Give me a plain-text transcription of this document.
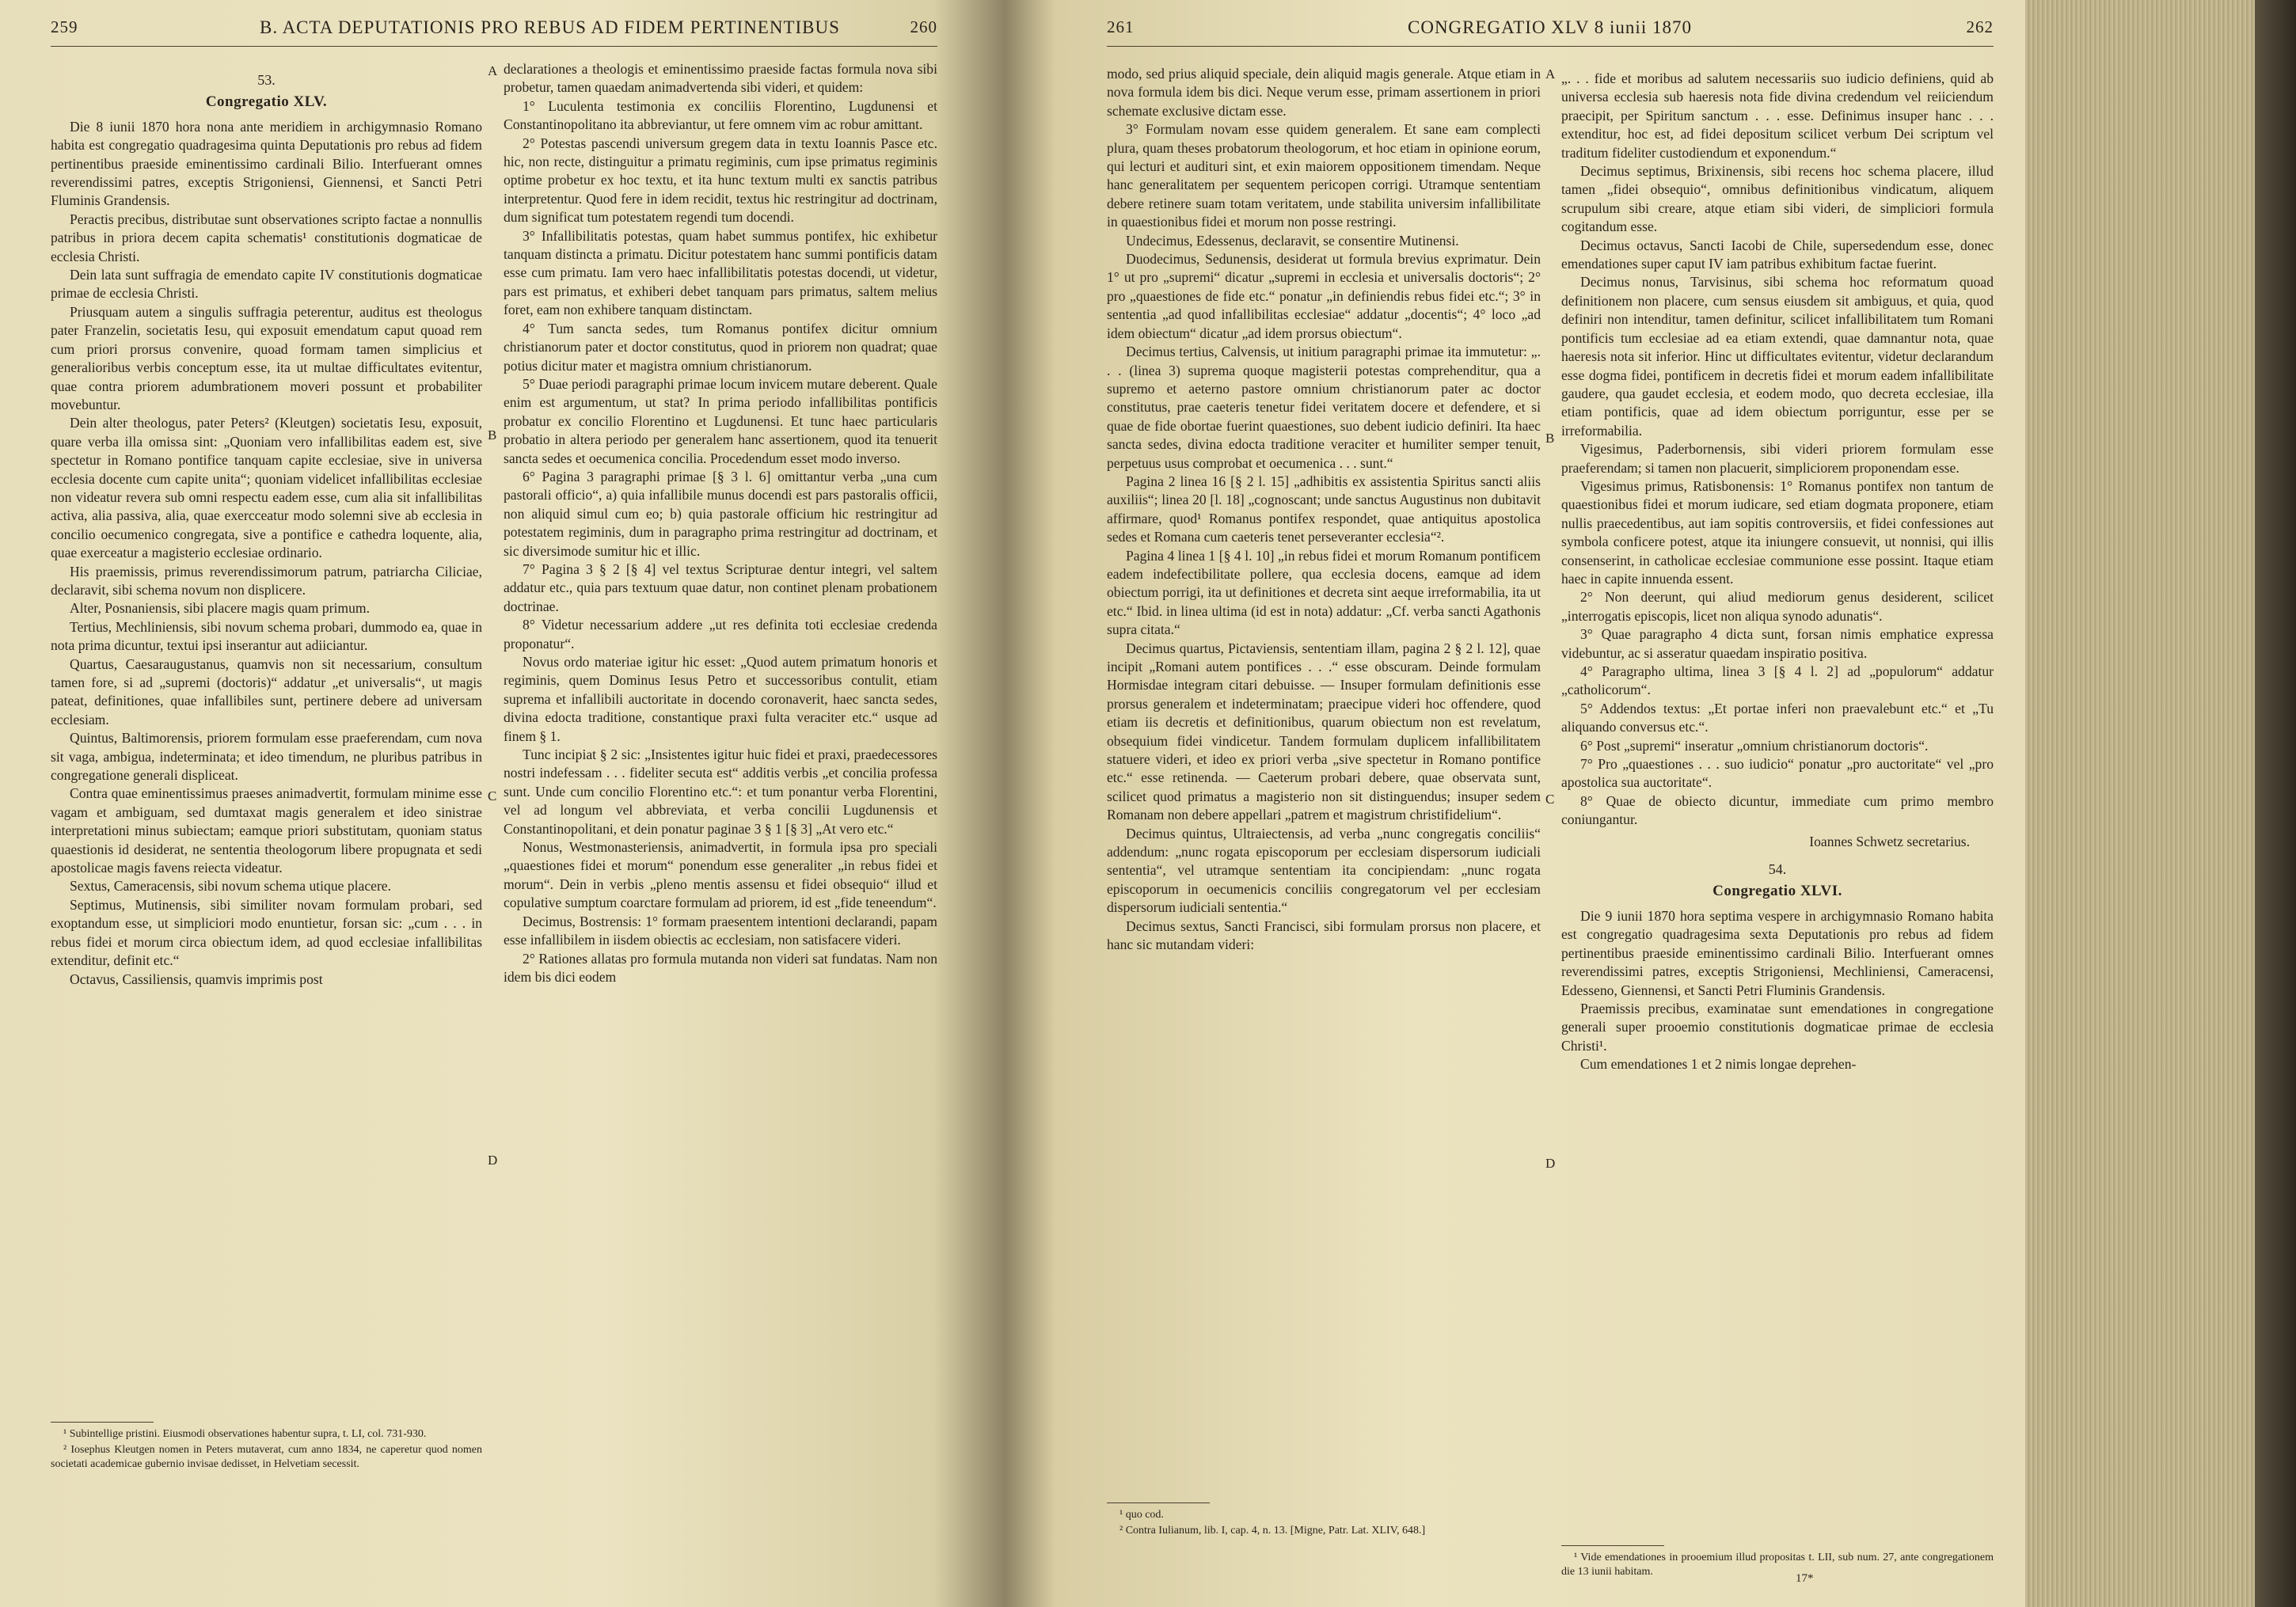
259	B. ACTA DEPUTATIONIS PRO REBUS AD FIDEM PERTINENTIBUS	260
53.
Congregatio XLV.

Die 8 iunii 1870 hora nona ante meridiem in archigymnasio Romano habita est congregatio quadragesima quinta Deputationis pro rebus ad fidem pertinentibus praeside eminentissimo cardinali Bilio. Interfuerant omnes reverendissimi patres, exceptis Strigoniensi, Giennensi, et Sancti Petri Fluminis Grandensis.

Peractis precibus, distributae sunt observationes scripto factae a nonnullis patribus in priora decem capita schematis¹ constitutionis dogmaticae de ecclesia Christi.

Dein lata sunt suffragia de emendato capite IV constitutionis dogmaticae primae de ecclesia Christi.

Priusquam autem a singulis suffragia peterentur, auditus est theologus pater Franzelin, societatis Iesu, qui exposuit emendatum caput quoad rem cum priori prorsus convenire, quoad formam tamen simplicius et generalioribus verbis conceptum esse, ita ut multae difficultates evitentur, quae contra priorem adumbrationem moveri possunt et probabiliter movebuntur.

Dein alter theologus, pater Peters² (Kleutgen) societatis Iesu, exposuit, quare verba illa omissa sint: „Quoniam vero infallibilitas eadem est, sive spectetur in Romano pontifice tanquam capite ecclesiae, sive in universa ecclesia docente cum capite unita“; quoniam videlicet infallibilitas ecclesiae non videatur revera sub omni respectu eadem esse, cum alia sit infallibilitas activa, alia passiva, alia, quae exercceatur modo solemni sive ab ecclesia in concilio oecumenico congregata, sive a pontifice e cathedra loquente, alia, quae exerceatur a magisterio ecclesiae ordinario.

His praemissis, primus reverendissimorum patrum, patriarcha Ciliciae, declaravit, sibi schema novum non displicere.

Alter, Posnaniensis, sibi placere magis quam primum.

Tertius, Mechliniensis, sibi novum schema probari, dummodo ea, quae in nota prima dicuntur, textui ipsi inserantur aut adiiciantur.

Quartus, Caesaraugustanus, quamvis non sit necessarium, consultum tamen fore, si ad „supremi (doctoris)“ addatur „et universalis“, ut magis pateat, definitiones, quae infallibiles sunt, pertinere debere ad universam ecclesiam.

Quintus, Baltimorensis, priorem formulam esse praeferendam, cum nova sit vaga, ambigua, indeterminata; et ideo timendum, ne pluribus patribus in congregatione generali displiceat.

Contra quae eminentissimus praeses animadvertit, formulam minime esse vagam et ambiguam, sed dumtaxat magis generalem et ideo sinistrae interpretationi minus subiectam; eamque priori substitutam, quoniam status quaestionis id desiderat, ne sententia theologorum libere propugnata et sedi apostolicae magis favens reiecta videatur.

Sextus, Cameracensis, sibi novum schema utique placere.

Septimus, Mutinensis, sibi similiter novam formulam probari, sed exoptandum esse, ut simpliciori modo enuntietur, forsan sic: „cum . . . in rebus fidei et morum circa obiectum idem, ad quod ecclesiae infallibilitas extenditur, definit etc.“

Octavus, Cassiliensis, quamvis imprimis post

¹ Subintellige pristini. Eiusmodi observationes habentur supra, t. LI, col. 731-930.

² Iosephus Kleutgen nomen in Peters mutaverat, cum anno 1834, ne caperetur quod nomen societati academicae gubernio invisae dedisset, in Helvetiam secessit.

declarationes a theologis et eminentissimo praeside factas formula nova sibi probetur, tamen quaedam animadvertenda sibi videri, et quidem:

1° Luculenta testimonia ex conciliis Florentino, Lugdunensi et Constantinopolitano ita abbreviantur, ut fere omnem vim ac robur amittant.

2° Potestas pascendi universum gregem data in textu Ioannis Pasce etc. hic, non recte, distinguitur a primatu regiminis, cum ipse primatus regiminis optime probetur ex hoc textu, et ita hunc textum multi ex sanctis patribus interpretentur. Quod fere in idem recidit, textus hic restringitur ad doctrinam, dum significat tum potestatem regendi tum docendi.

3° Infallibilitatis potestas, quam habet summus pontifex, hic exhibetur tanquam distincta a primatu. Dicitur potestatem hanc summi pontificis datam esse cum primatu. Iam vero haec infallibilitatis potestas docendi, ut videtur, pars est primatus, et exhiberi debet tanquam pars primatus, saltem melius foret, eam non exhibere tanquam distinctam.

4° Tum sancta sedes, tum Romanus pontifex dicitur omnium christianorum pater et doctor constitutus, quod in priorem non quadrat; quae potius dicitur mater et magistra omnium christianorum.

5° Duae periodi paragraphi primae locum invicem mutare deberent. Quale enim est argumentum, ut stat? In prima periodo infallibilitas pontificis probatur ex concilio Florentino et Lugdunensi. Et tunc haec particularis probatio in altera periodo per generalem hanc assertionem, quod ita tenuerit sancta sedes et oecumenica concilia. Procedendum esset modo inverso.

6° Pagina 3 paragraphi primae [§ 3 l. 6] omittantur verba „una cum pastorali officio“, a) quia infallibile munus docendi est pars pastoralis officii, non aliquid simul cum eo; b) quia pastorale officium hic restringitur ad potestatem regiminis, dum in paragrapho prima restringitur ad doctrinam, et sic diversimode sumitur hic et illic.

7° Pagina 3 § 2 [§ 4] vel textus Scripturae dentur integri, vel saltem addatur etc., quia pars textuum quae datur, non continet plenam probationem doctrinae.

8° Videtur necessarium addere „ut res definita toti ecclesiae credenda proponatur“.

Novus ordo materiae igitur hic esset: „Quod autem primatum honoris et regiminis, quem Dominus Iesus Petro et successoribus contulit, etiam suprema et infallibili auctoritate in docendo coronaverit, haec sancta sedes, divina edocta traditione, constantique praxi fulta veraciter etc.“ usque ad finem § 1.

Tunc incipiat § 2 sic: „Insistentes igitur huic fidei et praxi, praedecessores nostri indefessam . . . fideliter secuta est“ additis verbis „et concilia professa sunt. Unde cum concilio Florentino etc.“: et tum ponantur verba Florentini, vel ad longum vel abbreviata, et verba concilii Lugdunensis et Constantinopolitani, et dein ponatur paginae 3 § 1 [§ 3] „At vero etc.“

Nonus, Westmonasteriensis, animadvertit, in formula ipsa pro speciali „quaestiones fidei et morum“ ponendum esse generaliter „in rebus fidei et morum“. Dein in verbis „pleno mentis assensu et fidei obsequio“ illud et copulative sumptum coarctare formulam ad priorem, id est „fide teneendum“.

Decimus, Bostrensis: 1° formam praesentem intentioni declarandi, papam esse infallibilem in iisdem obiectis ac ecclesiam, non satisfacere videri.

2° Rationes allatas pro formula mutanda non videri sat fundatas. Nam non idem bis dici eodem

A
B
C
D
261	CONGREGATIO XLV 8 iunii 1870	262

modo, sed prius aliquid speciale, dein aliquid magis generale. Atque etiam in nova formula idem bis dici. Neque verum esse, primam assertionem in priori schemate exclusive dictam esse.

3° Formulam novam esse quidem generalem. Et sane eam complecti plura, quam theses probatorum theologorum, et hoc etiam in opinione eorum, qui lecturi et audituri sint, et exin maiorem oppositionem timendam. Neque hanc generalitatem per sequentem pericopen corrigi. Utramque sententiam debere retinere suam totam veritatem, unde stabilita universim infallibilitate in quaestionibus fidei et morum non posse restringi.

Undecimus, Edessenus, declaravit, se consentire Mutinensi.

Duodecimus, Sedunensis, desiderat ut formula brevius exprimatur. Dein 1° ut pro „supremi“ dicatur „supremi in ecclesia et universalis doctoris“; 2° pro „quaestiones de fide etc.“ ponatur „in definiendis rebus fidei etc.“; 3° in sententia „ad quod infallibilitas ecclesiae“ addatur „docentis“; 4° loco „ad idem obiectum“ dicatur „ad idem prorsus obiectum“.

Decimus tertius, Calvensis, ut initium paragraphi primae ita immutetur: „. . . (linea 3) suprema quoque magisterii potestas comprehenditur, qua a supremo et aeterno pastore omnium christianorum pater ac doctor constitutus, prae caeteris tenetur fidei veritatem docere et defendere, et si quae de fide obortae fuerint quaestiones, suo debent iudicio definiri. Ita haec sancta sedes, divina edocta traditione veraciter et humiliter semper tenuit, perpetuus usus comprobat et oecumenica . . . sunt.“

Pagina 2 linea 16 [§ 2 l. 15] „adhibitis ex assistentia Spiritus sancti aliis auxiliis“; linea 20 [l. 18] „cognoscant; unde sanctus Augustinus non dubitavit affirmare, quod¹ Romanus pontifex respondet, quae antiquitus apostolica sedes et Romana cum caeteris tenet perseveranter ecclesia“².

Pagina 4 linea 1 [§ 4 l. 10] „in rebus fidei et morum Romanum pontificem eadem indefectibilitate pollere, qua ecclesia docens, eamque ad idem obiectum porrigi, ita ut definitiones et decreta sint aeque irreformabilia, ita ut etc.“ Ibid. in linea ultima (id est in nota) addatur: „Cf. verba sancti Agathonis supra citata.“

Decimus quartus, Pictaviensis, sententiam illam, pagina 2 § 2 l. 12], quae incipit „Romani autem pontifices . . .“ esse obscuram. Deinde formulam Hormisdae integram citari debuisse. — Insuper formulam definitionis esse prorsus generalem et indeterminatam; praecipue videri hoc offendere, quod etiam iis decretis et definitionibus, quarum obiectum non est revelatum, obsequium fidei vindicetur. Tandem formulam duplicem infallibilitatem statuere videri, et ideo ex priori verba „sive spectetur in Romano pontifice etc.“ esse retinenda. — Caeterum probari debere, quae observata sunt, scilicet quod primatus a magisterio non sit distinguendus; insuper sedem Romanam non debere appellari „patrem et magistrum christifidelium“.

Decimus quintus, Ultraiectensis, ad verba „nunc congregatis conciliis“ addendum: „nunc rogata episcoporum per ecclesiam dispersorum iudiciali sententia“, vel utramque sententiam ita concipiendam: „nunc rogata episcoporum in oecumenicis conciliis congregatorum vel per ecclesiam dispersorum iudiciali sententia.“

Decimus sextus, Sancti Francisci, sibi formulam prorsus non placere, et hanc sic mutandam videri:

¹ quo cod.

² Contra Iulianum, lib. I, cap. 4, n. 13. [Migne, Patr. Lat. XLIV, 648.]

„. . . fide et moribus ad salutem necessariis suo iudicio definiens, quid ab universa ecclesia sub haeresis nota fide divina credendum vel reiiciendum praecipit, per Spiritum sanctum . . . esse. Definimus insuper hanc . . . extenditur, hoc est, ad fidei depositum scilicet verbum Dei scriptum vel traditum fideliter custodiendum et exponendum.“

Decimus septimus, Brixinensis, sibi recens hoc schema placere, illud tamen „fidei obsequio“, omnibus definitionibus vindicatum, aliquem scrupulum sibi creare, atque etiam sibi videri, de simpliciori formula cogitandum esse.

Decimus octavus, Sancti Iacobi de Chile, supersedendum esse, donec emendationes super caput IV iam patribus exhibitum factae fuerint.

Decimus nonus, Tarvisinus, sibi schema hoc reformatum quoad definitionem non placere, cum sensus eiusdem sit ambiguus, et quia, quod definiri non intenditur, tamen definitur, scilicet infallibilitatem tum Romani pontificis tum ecclesiae ad ea etiam extendi, quae damnantur nota, quae haeresis nota sit inferior. Hinc ut difficultates evitentur, videtur declarandum esse dogma fidei, pontificem in decretis fidei et morum eadem infallibilitate gaudere, qua gaudet ecclesia, et eodem modo, quo decreta ecclesiae, illa etiam pontificis, quae ad idem obiectum porriguntur, esse per se irreformabilia.

Vigesimus, Paderbornensis, sibi videri priorem formulam esse praeferendam; si tamen non placuerit, simpliciorem proponendam esse.

Vigesimus primus, Ratisbonensis: 1° Romanus pontifex non tantum de quaestionibus fidei et morum iudicare, sed etiam dogmata proponere, etiam nullis praecedentibus, aut iam sopitis controversiis, et fidei confessiones aut symbola conficere potest, atque ita iniungere consuevit, ut nonnisi, qui illis consenserint, in catholicae ecclesiae communione esse possint. Itaque etiam haec in capite innuenda essent.

2° Non deerunt, qui aliud mediorum genus desiderent, scilicet „interrogatis episcopis, licet non aliqua synodo adunatis“.

3° Quae paragrapho 4 dicta sunt, forsan nimis emphatice expressa videbuntur, ac si asseratur quaedam inspiratio positiva.

4° Paragrapho ultima, linea 3 [§ 4 l. 2] ad „populorum“ addatur „catholicorum“.

5° Addendos textus: „Et portae inferi non praevalebunt etc.“ et „Tu aliquando conversus etc.“.

6° Post „supremi“ inseratur „omnium christianorum doctoris“.

7° Pro „quaestiones . . . suo iudicio“ ponatur „pro auctoritate“ vel „pro apostolica sua auctoritate“.

8° Quae de obiecto dicuntur, immediate cum primo membro coniungantur.

Ioannes Schwetz secretarius.
54.
Congregatio XLVI.

Die 9 iunii 1870 hora septima vespere in archigymnasio Romano habita est congregatio quadragesima sexta Deputationis pro rebus ad fidem pertinentibus praeside eminentissimo cardinali Bilio. Interfuerant omnes reverendissimi patres, exceptis Strigoniensi, Mechliniensi, Cameracensi, Edesseno, Giennensi, et Sancti Petri Fluminis Grandensis.

Praemissis precibus, examinatae sunt emendationes in congregatione generali super prooemio constitutionis dogmaticae primae de ecclesia Christi¹.

Cum emendationes 1 et 2 nimis longae deprehen-

¹ Vide emendationes in prooemium illud propositas t. LII, sub num. 27, ante congregationem die 13 iunii habitam.

17*
A
B
C
D
